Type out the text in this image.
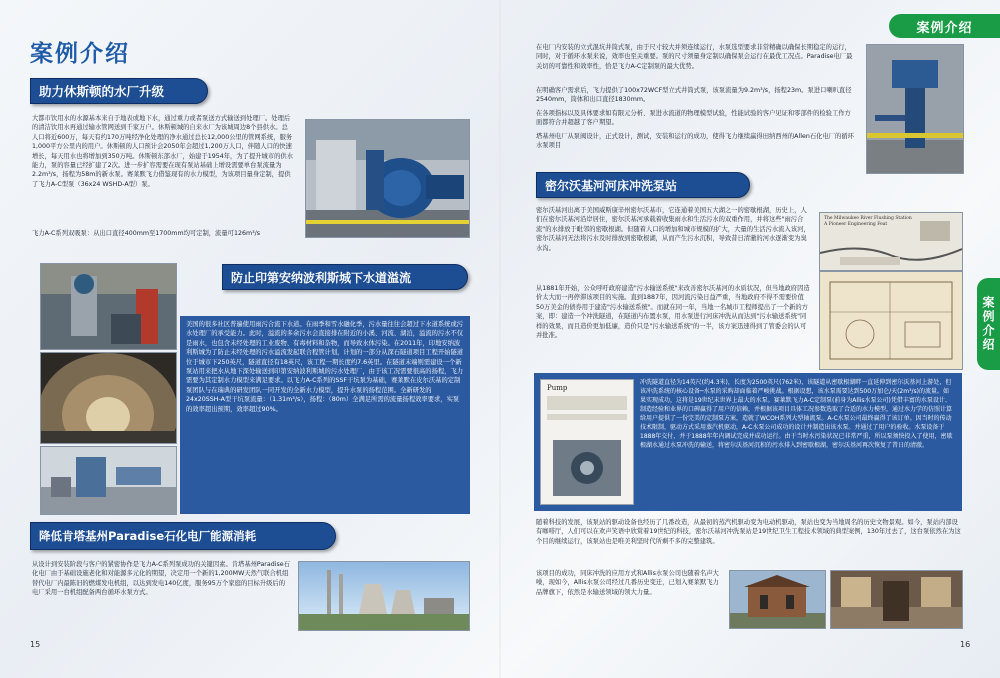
案例介绍
助力休斯顿的水厂升级
大都市饮用水的水源基本来自于地表或地下水，通过重力或者泵送方式输送到处理厂。处理后的清洁饮用水再通过输水管网送到千家万户。休斯顿城的自来水厂为该城周边8个县供水。总人口将近600万，每天有约170万吨经净化处理的净水通过总长12,000公里的管网系统，服务1,000平方公里内的用户。休斯顿的人口预计会2050年会超过1,200万人口，伴随人口的快速增长，每天用水也将增加到350万吨。休斯顿东部水厂，始建于1954年，为了提升城市的供水能力，泵的容量已经扩建了2次。进一步扩容需要在现有泵站基础上增设需要单台泵流量为2.2m³/s，扬程为58m的新水泵。赛莱默飞力借鉴现有的水力模型，为该项目量身定制，提供了飞力A-C型泵（36x24 WSHD-A型）泵。
飞力A-C系列双吸泵：从出口直径400mm至1700mm均可定制，流量可126m³/s
防止印第安纳波利斯城下水道溢流
美国的很多社区普遍使用雨污合流下水道。在雨季和雪水融化季，污水量往往会超过下水道系统或污水处理厂的承受能力。此时，溢流的多余污水会直接排在附近的小溪、河流、湖泊，溢流的污水不仅是雨水，也包含未经处理的工业废物、有毒材料和杂物，而导致水体污染。在2011年，印地安纳波利斯城为了防止未经处理的污水溢流发起联合程管计划，计划的一部分从深石隧道项目工程开始隧道位于城市下250英尺，隧道直径有18英尺，该工程一期长度约7.6英里。在隧道末端则需建设一个新泵站用来把水从地下深处输送到印第安纳波利斯城的污水处理厂，由于该工况需要很高的扬程，飞力需要为其定制水力模型来满足要求。以飞力A-C系列的SSF干坑泵为基础，赛莱默在皮尔沃基的定制泵团队与在瑞典的研发团队一同开发的全新水力模型，提升水泵的扬程范围。全新研发的24x20SSH-A型干坑泵流量：（1.31m³/s），扬程：（80m）全满足所需的流量扬程效率要求，实泵的效率超出预期，效率超过90%。
降低肯塔基州Paradise石化电厂能源消耗
从设计到安装阶段与客户的紧密协作是飞力A-C系列泵成功的关键因素。肯塔基州Paradise石化电厂由于基础设施老化和对能源多元化的期望，决定用一个新的1,200MW天然气联合机组替代电厂内最陈旧的燃煤发电机组，以达到发电140亿度，服务95万个家庭的目标升级后的电厂采用一台机组配备两台循环水泵方式。
15
案例介绍
案例介绍
在电厂内安装的立式混坑井筒式泵，由于尺寸较大并须连续运行，水泵选型要求非常精确以确保长期稳定的运行，同时，对于循环水泵来说，效率也至关重要。泵的尺寸须量身定制以确保泵会运行在最优工况点。Paradise电厂最关切的可靠性和效率性，恰是飞力A-C定制泵的最大优势。
在明确客户需求后，飞力提供了100x72WCF型立式井筒式泵，该泵流量为9.2m³/s，扬程23m。泵进口喇叭直径2540mm，筒体和出口直径1830mm。
在各项指标以及具体要求如有限元分析、泵进水流道的物理模型试验，性能试验的客户见证和零部件的检验工作方面都符合并超越了客户期望。
塔基州电厂从泵阀设计，正式设计，测试，安装和运行的成功，使得飞力继续赢得田纳西州的Allen石化电厂的循环水泵项目
密尔沃基河河床冲洗泵站
密尔沃基河出离于美国威斯康辛州密尔沃基市，它连通着美国五大湖之一的密歇根湖，历史上，人们在密尔沃基河沿岸居住，密尔沃基河承载着收集雨水和生活污水的双重作用，并将这些"雨污合流"的水排放于毗邻的密歇根湖。但随着人口的增加和城市规模的扩大，大量的生活污水流入该河，密尔沃基河无法将污水及时排放到密歇根湖，从而产生污水沉积，导致昔日清澈的河水逐渐变为臭水沟。
从1881年开始，公众呼吁政府建造"污水输送系统"来改善密尔沃基河的水质状况，但当地政府因造价太大而一再停滞该项目的实施。直到1887年，因河流污染日益严重，当地政府不得不需要价值50万美金的债券用于建造"污水输送系统"。而就在同一年，当地一名城市工程师提出了一个新的方案，即：建造一个冲洗隧道，在隧道内布置水泵，用水泵进行河床冲洗从而达到"污水输送系统"同样的效果，而且造价更加低廉，造价只是"污水输送系统"的一半，该方案迅速得到了管委会的认可并批准。
The Milwaukee River Flushing Station A Pioneer Engineering Feat
Pump
冲洗隧道直径为14英尺(约4.3米)，长度为2500英尺(762米)，该隧道从密歇根湖畔一直延伸到密尔沃基河上游处，但该冲洗系统的核心设备─水泵的采购却面临着严峻挑战。根据设想，该水泵需要达到500万加仑/天(2m³/s)的流量。如果实现成功，这将是19世纪末世界上最大的水泵。赛莱默飞力A-C定制泵(前身为Allis水泵公司)凭借丰富的水泵设计、制造经验和业界的口碑赢得了用户的信赖，并根据该项目具体工况参数选取了合适的水力模型，通过水力学的仿照计算给用户提供了一份完美的定制泵方案，造就了WCOH系列大型轴流泵。A-C水泵公司最终赢得了该订单。因当时的传动技术限制，驱动方式采用蒸汽机驱动，A-C水泵公司成功的设计并制造出该水泵。并通过了用户的验收。水泵设备于1888年交付，并于1888年年内调试完成并成功运行。由于当时水污染状况已非常严重，所以泵须快投入了使用，密歇根湖水通过水泵冲洗的输送，将密尔沃基河沉积的污水排入到密歇根湖，密尔沃基河再次恢复了昔日的清澈。
随着科技的发展，该泵站的驱动设备也经历了几番改造，从最初的蒸汽机驱动变为电动机驱动，泵站也变为当地周名的历史文物景观。如今，泵站内部设有咖啡厅，人们可以在欢声笑语中欣赏着19世纪的科技，密尔沃基河冲洗泵站是19世纪卫生工程技术领域的典型案例，130年过去了，这台泵依然在为这个目的继续运行，该泵站也是唯美利坚时代所剩不多的完整建筑。
该项目的成功，同床冲洗的应用方式和Allis水泵公司也随着名声大噪，现如今，Allis水泵公司经过几番历史变迁，已划入赛莱默飞力品牌旗下，依然是水输送领域的领大力量。
16
